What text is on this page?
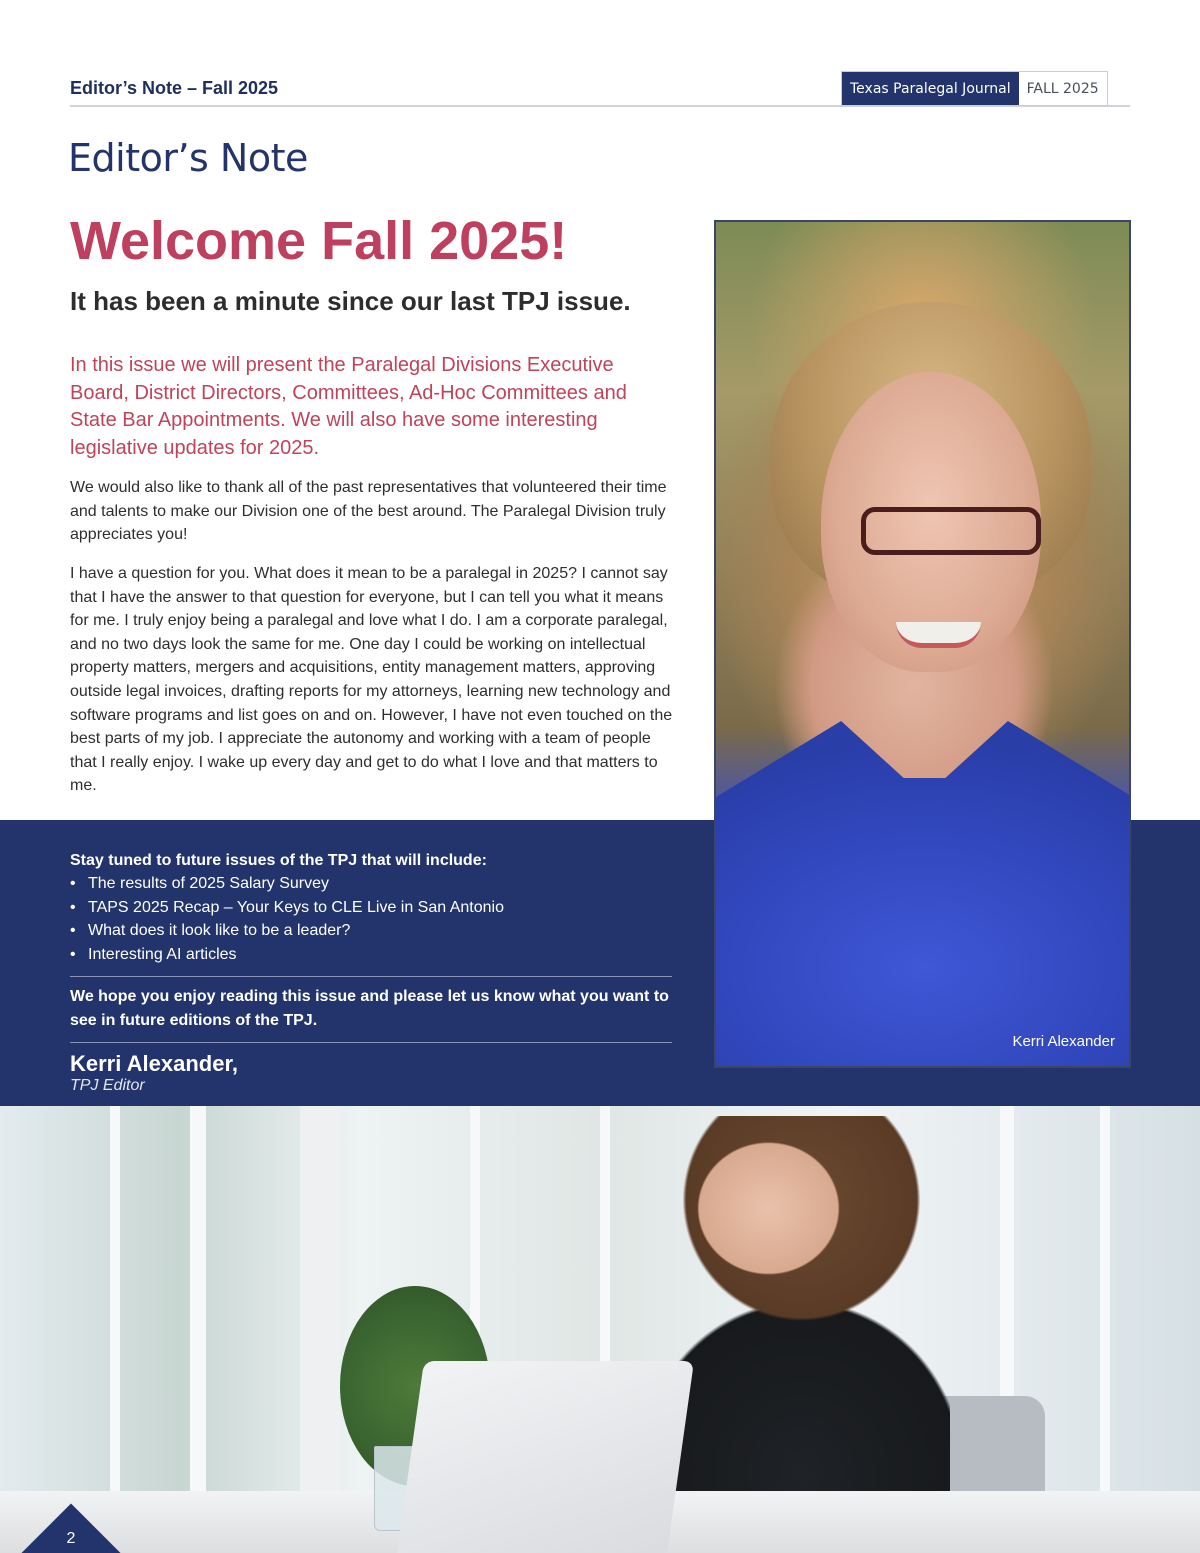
Editor’s Note – Fall 2025	Texas Paralegal Journal	FALL 2025
Editor’s Note
Welcome Fall 2025!
It has been a minute since our last TPJ issue.

In this issue we will present the Paralegal Divisions Executive Board, District Directors, Committees, Ad-Hoc Committees and State Bar Appointments. We will also have some interesting legislative updates for 2025.

We would also like to thank all of the past representatives that volunteered their time and talents to make our Division one of the best around. The Paralegal Division truly appreciates you!

I have a question for you. What does it mean to be a paralegal in 2025? I cannot say that I have the answer to that question for everyone, but I can tell you what it means for me. I truly enjoy being a paralegal and love what I do. I am a corporate paralegal, and no two days look the same for me. One day I could be working on intellectual property matters, mergers and acquisitions, entity management matters, approving outside legal invoices, drafting reports for my attorneys, learning new technology and software programs and list goes on and on. However, I have not even touched on the best parts of my job. I appreciate the autonomy and working with a team of people that I really enjoy. I wake up every day and get to do what I love and that matters to me.

Kerri Alexander
Stay tuned to future issues of the TPJ that will include:
• The results of 2025 Salary Survey
• TAPS 2025 Recap – Your Keys to CLE Live in San Antonio
• What does it look like to be a leader?
• Interesting AI articles
We hope you enjoy reading this issue and please let us know what you want to see in future editions of the TPJ.
Kerri Alexander,
TPJ Editor
2
